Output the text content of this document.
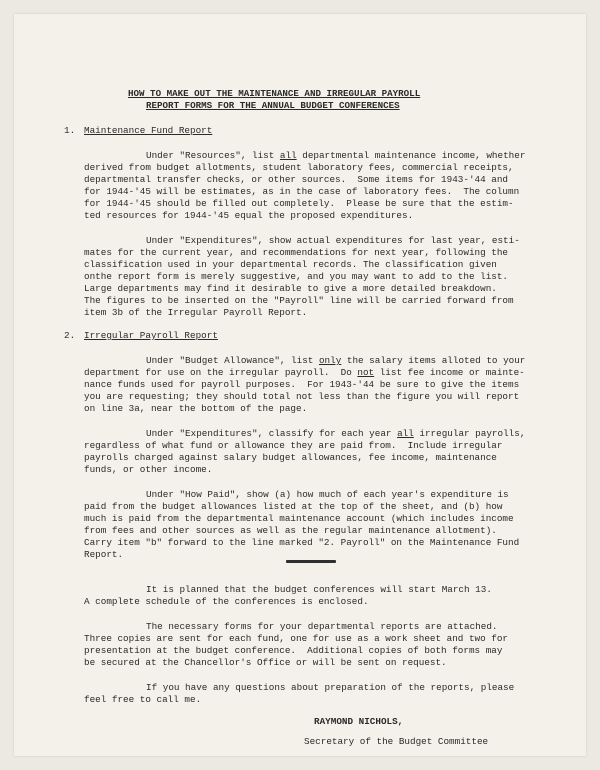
HOW TO MAKE OUT THE MAINTENANCE AND IRREGULAR PAYROLL
REPORT FORMS FOR THE ANNUAL BUDGET CONFERENCES
1. Maintenance Fund Report
Under "Resources", list all departmental maintenance income, whether
derived from budget allotments, student laboratory fees, commercial receipts,
departmental transfer checks, or other sources.  Some items for 1943-'44 and
for 1944-'45 will be estimates, as in the case of laboratory fees.  The column
for 1944-'45 should be filled out completely.  Please be sure that the estim-
ted resources for 1944-'45 equal the proposed expenditures.
Under "Expenditures", show actual expenditures for last year, esti-
mates for the current year, and recommendations for next year, following the
classification used in your departmental records. The classification given
onthe report form is merely suggestive, and you may want to add to the list.
Large departments may find it desirable to give a more detailed breakdown.
The figures to be inserted on the "Payroll" line will be carried forward from
item 3b of the Irregular Payroll Report.
2. Irregular Payroll Report
Under "Budget Allowance", list only the salary items alloted to your
department for use on the irregular payroll.  Do not list fee income or mainte-
nance funds used for payroll purposes.  For 1943-'44 be sure to give the items
you are requesting; they should total not less than the figure you will report
on line 3a, near the bottom of the page.
Under "Expenditures", classify for each year all irregular payrolls,
regardless of what fund or allowance they are paid from.  Include irregular
payrolls charged against salary budget allowances, fee income, maintenance
funds, or other income.
Under "How Paid", show (a) how much of each year's expenditure is
paid from the budget allowances listed at the top of the sheet, and (b) how
much is paid from the departmental maintenance account (which includes income
from fees and other sources as well as the regular maintenance allotment).
Carry item "b" forward to the line marked "2. Payroll" on the Maintenance Fund
Report.
It is planned that the budget conferences will start March 13.
A complete schedule of the conferences is enclosed.
The necessary forms for your departmental reports are attached.
Three copies are sent for each fund, one for use as a work sheet and two for
presentation at the budget conference.  Additional copies of both forms may
be secured at the Chancellor's Office or will be sent on request.
If you have any questions about preparation of the reports, please
feel free to call me.
RAYMOND NICHOLS,
Secretary of the Budget Committee
